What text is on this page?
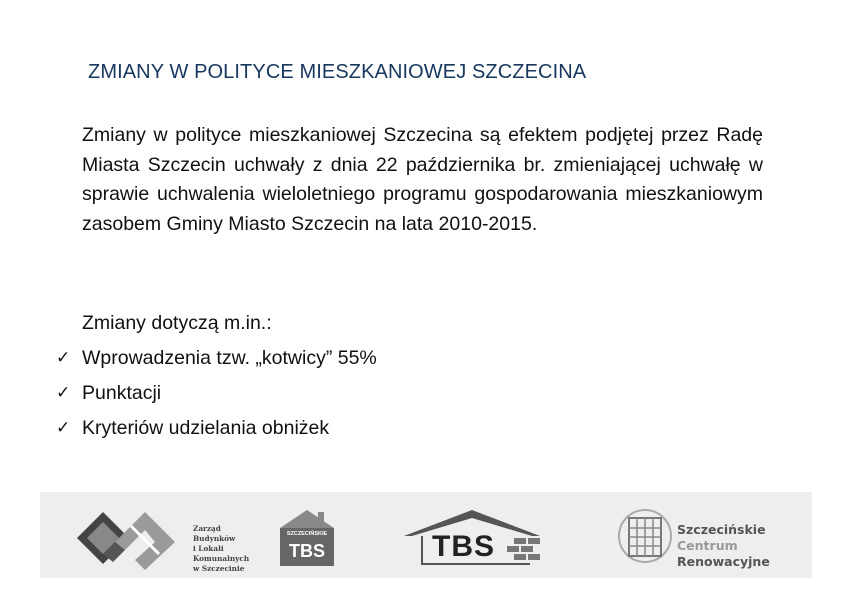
ZMIANY W POLITYCE MIESZKANIOWEJ SZCZECINA

Zmiany w polityce mieszkaniowej Szczecina są efektem podjętej przez Radę Miasta Szczecin uchwały z dnia 22 października br. zmieniającej uchwałę w sprawie uchwalenia wieloletniego programu gospodarowania mieszkaniowym zasobem Gminy Miasto Szczecin na lata 2010-2015.

Zmiany dotyczą m.in.:
✓ Wprowadzenia tzw. „kotwicy” 55%
✓ Punktacji
✓ Kryteriów udzielania obniżek
Zarząd
Budynków
i Lokali
Komunalnych
w Szczecinie
SZCZECIŃSKIE
TBS	TBS
Szczecińskie
Centrum
Renowacyjne
